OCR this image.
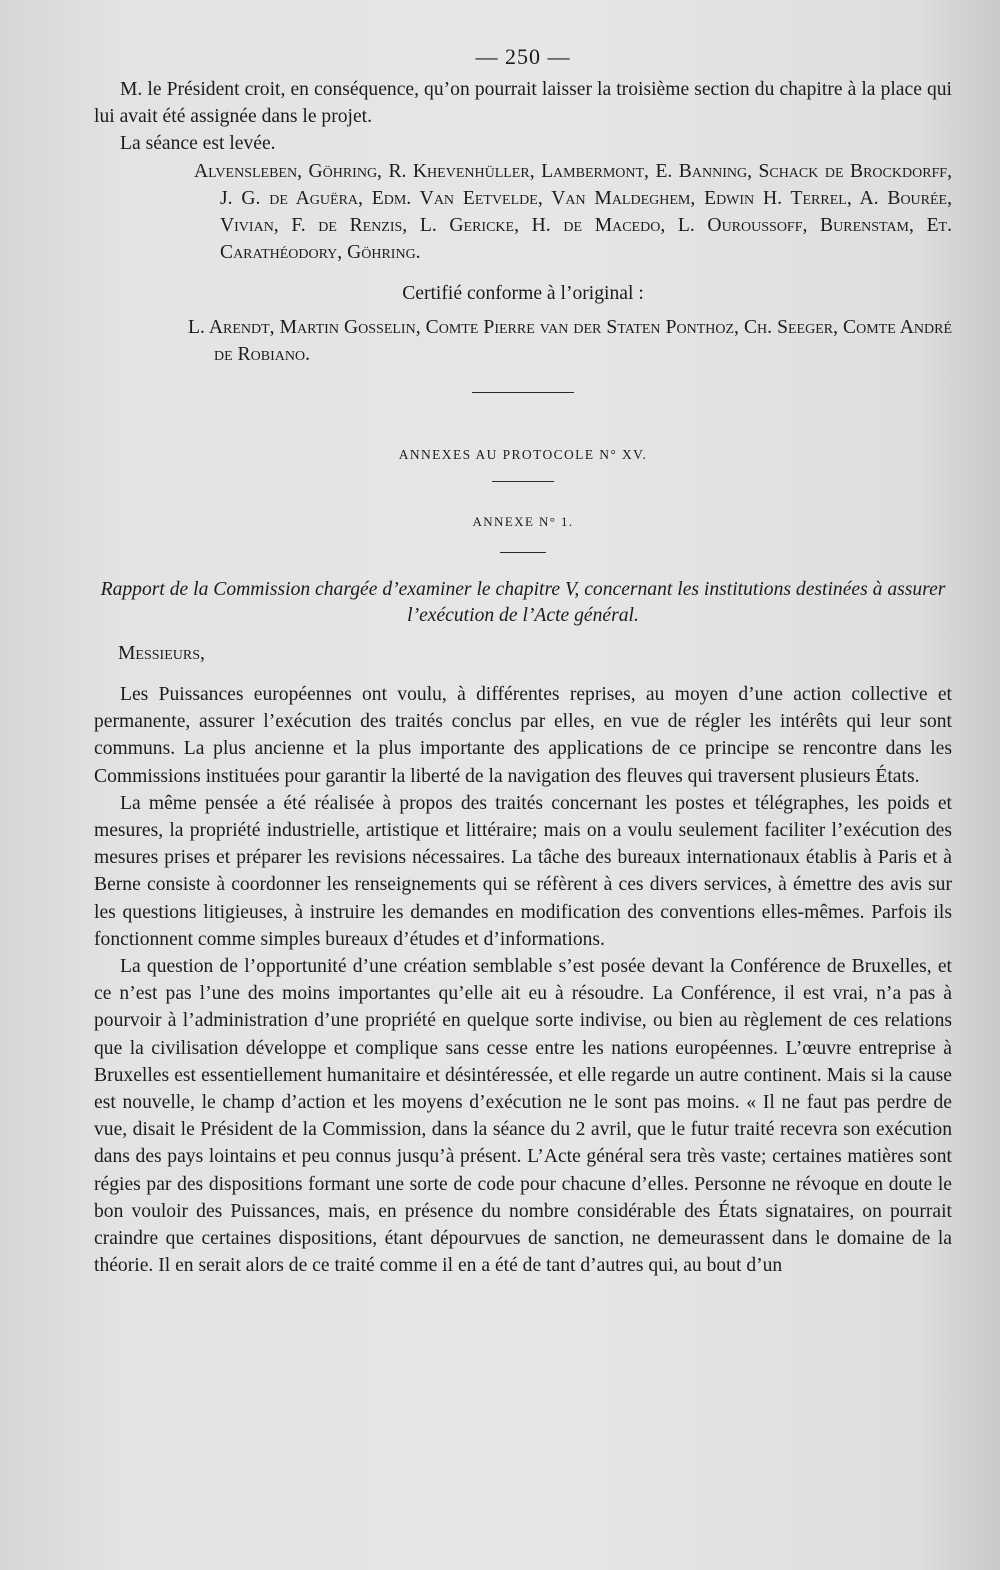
— 250 —

M. le Président croit, en conséquence, qu’on pourrait laisser la troisième section du chapitre à la place qui lui avait été assignée dans le projet.

La séance est levée.

Alvensleben, Göhring, R. Khevenhüller, Lambermont, E. Banning, Schack de Brockdorff, J. G. de Aguëra, Edm. Van Eetvelde, Van Maldeghem, Edwin H. Terrel, A. Bourée, Vivian, F. de Renzis, L. Gericke, H. de Macedo, L. Ouroussoff, Burenstam, Et. Carathéodory, Göhring.

Certifié conforme à l’original :

L. Arendt, Martin Gosselin, Comte Pierre van der Staten Ponthoz, Ch. Seeger, Comte André de Robiano.

ANNEXES AU PROTOCOLE N° XV.
ANNEXE N° 1.
Rapport de la Commission chargée d’examiner le chapitre V, concernant les institutions destinées à assurer l’exécution de l’Acte général.
Messieurs,

Les Puissances européennes ont voulu, à différentes reprises, au moyen d’une action collective et permanente, assurer l’exécution des traités conclus par elles, en vue de régler les intérêts qui leur sont communs. La plus ancienne et la plus importante des applications de ce principe se rencontre dans les Commissions instituées pour garantir la liberté de la navigation des fleuves qui traversent plusieurs États.

La même pensée a été réalisée à propos des traités concernant les postes et télégraphes, les poids et mesures, la propriété industrielle, artistique et littéraire; mais on a voulu seulement faciliter l’exécution des mesures prises et préparer les revisions nécessaires. La tâche des bureaux internationaux établis à Paris et à Berne consiste à coordonner les renseignements qui se réfèrent à ces divers services, à émettre des avis sur les questions litigieuses, à instruire les demandes en modification des conventions elles-mêmes. Parfois ils fonctionnent comme simples bureaux d’études et d’informations.

La question de l’opportunité d’une création semblable s’est posée devant la Conférence de Bruxelles, et ce n’est pas l’une des moins importantes qu’elle ait eu à résoudre. La Conférence, il est vrai, n’a pas à pourvoir à l’administration d’une propriété en quelque sorte indivise, ou bien au règlement de ces relations que la civilisation développe et complique sans cesse entre les nations européennes. L’œuvre entreprise à Bruxelles est essentiellement humanitaire et désintéressée, et elle regarde un autre continent. Mais si la cause est nouvelle, le champ d’action et les moyens d’exécution ne le sont pas moins. « Il ne faut pas perdre de vue, disait le Président de la Commission, dans la séance du 2 avril, que le futur traité recevra son exécution dans des pays lointains et peu connus jusqu’à présent. L’Acte général sera très vaste; certaines matières sont régies par des dispositions formant une sorte de code pour chacune d’elles. Personne ne révoque en doute le bon vouloir des Puissances, mais, en présence du nombre considérable des États signataires, on pourrait craindre que certaines dispositions, étant dépourvues de sanction, ne demeurassent dans le domaine de la théorie. Il en serait alors de ce traité comme il en a été de tant d’autres qui, au bout d’un
